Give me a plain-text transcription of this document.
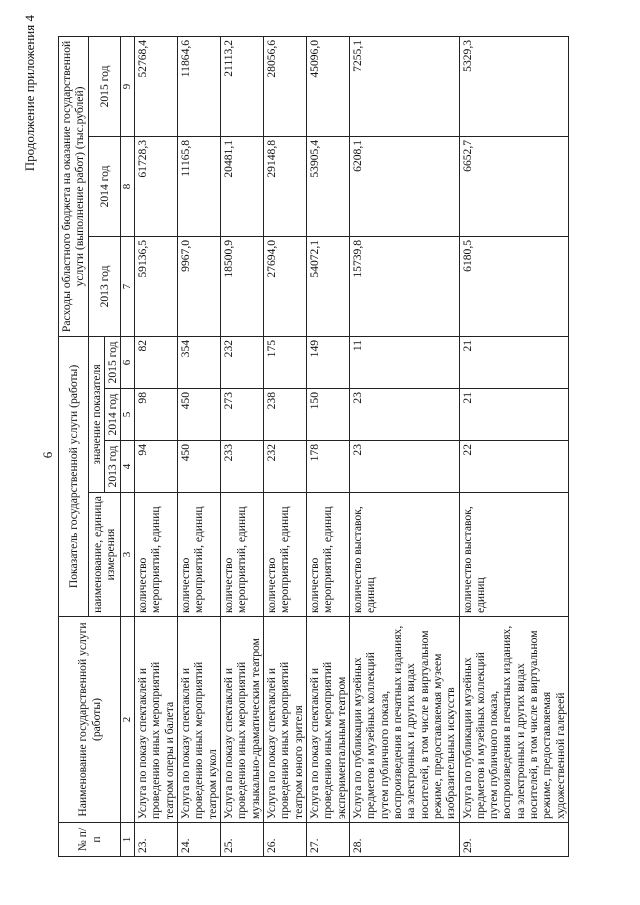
Продолжение приложения 4
6
№ п/п	Наименование государственной услуги (работы)	Показатель государственной услуги (работы)				Расходы областного бюджета на оказание государственной услуги (выполнение работ) (тыс.рублей)		
		наименование, единица измерения	значение показателя			2013 год	2014 год	2015 год
			2013 год	2014 год	2015 год			
1	2	3	4	5	6	7	8	9
23.	Услуга по показу спектаклей и проведению иных мероприятий театром оперы и балета	количество мероприятий, единиц	94	98	82	59136,5	61728,3	52768,4
24.	Услуга по показу спектаклей и проведению иных мероприятий театром кукол	количество мероприятий, единиц	450	450	354	9967,0	11165,8	11864,6
25.	Услуга по показу спектаклей и проведению иных мероприятий музыкально-драматическим театром	количество мероприятий, единиц	233	273	232	18500,9	20481,1	21113,2
26.	Услуга по показу спектаклей и проведению иных мероприятий театром юного зрителя	количество мероприятий, единиц	232	238	175	27694,0	29148,8	28056,6
27.	Услуга по показу спектаклей и проведению иных мероприятий экспериментальным театром	количество мероприятий, единиц	178	150	149	54072,1	53905,4	45096,0
28.	Услуга по публикации музейных предметов и музейных коллекций путем публичного показа, воспроизведения в печатных изданиях, на электронных и других видах носителей, в том числе в виртуальном режиме, предоставляемая музеем изобразительных искусств	количество выставок, единиц	23	23	11	15739,8	6208,1	7255,1
29.	Услуга по публикации музейных предметов и музейных коллекций путем публичного показа, воспроизведения в печатных изданиях, на электронных и других видах носителей, в том числе в виртуальном режиме, предоставляемая художественной галереей	количество выставок, единиц	22	21	21	6180,5	6652,7	5329,3
